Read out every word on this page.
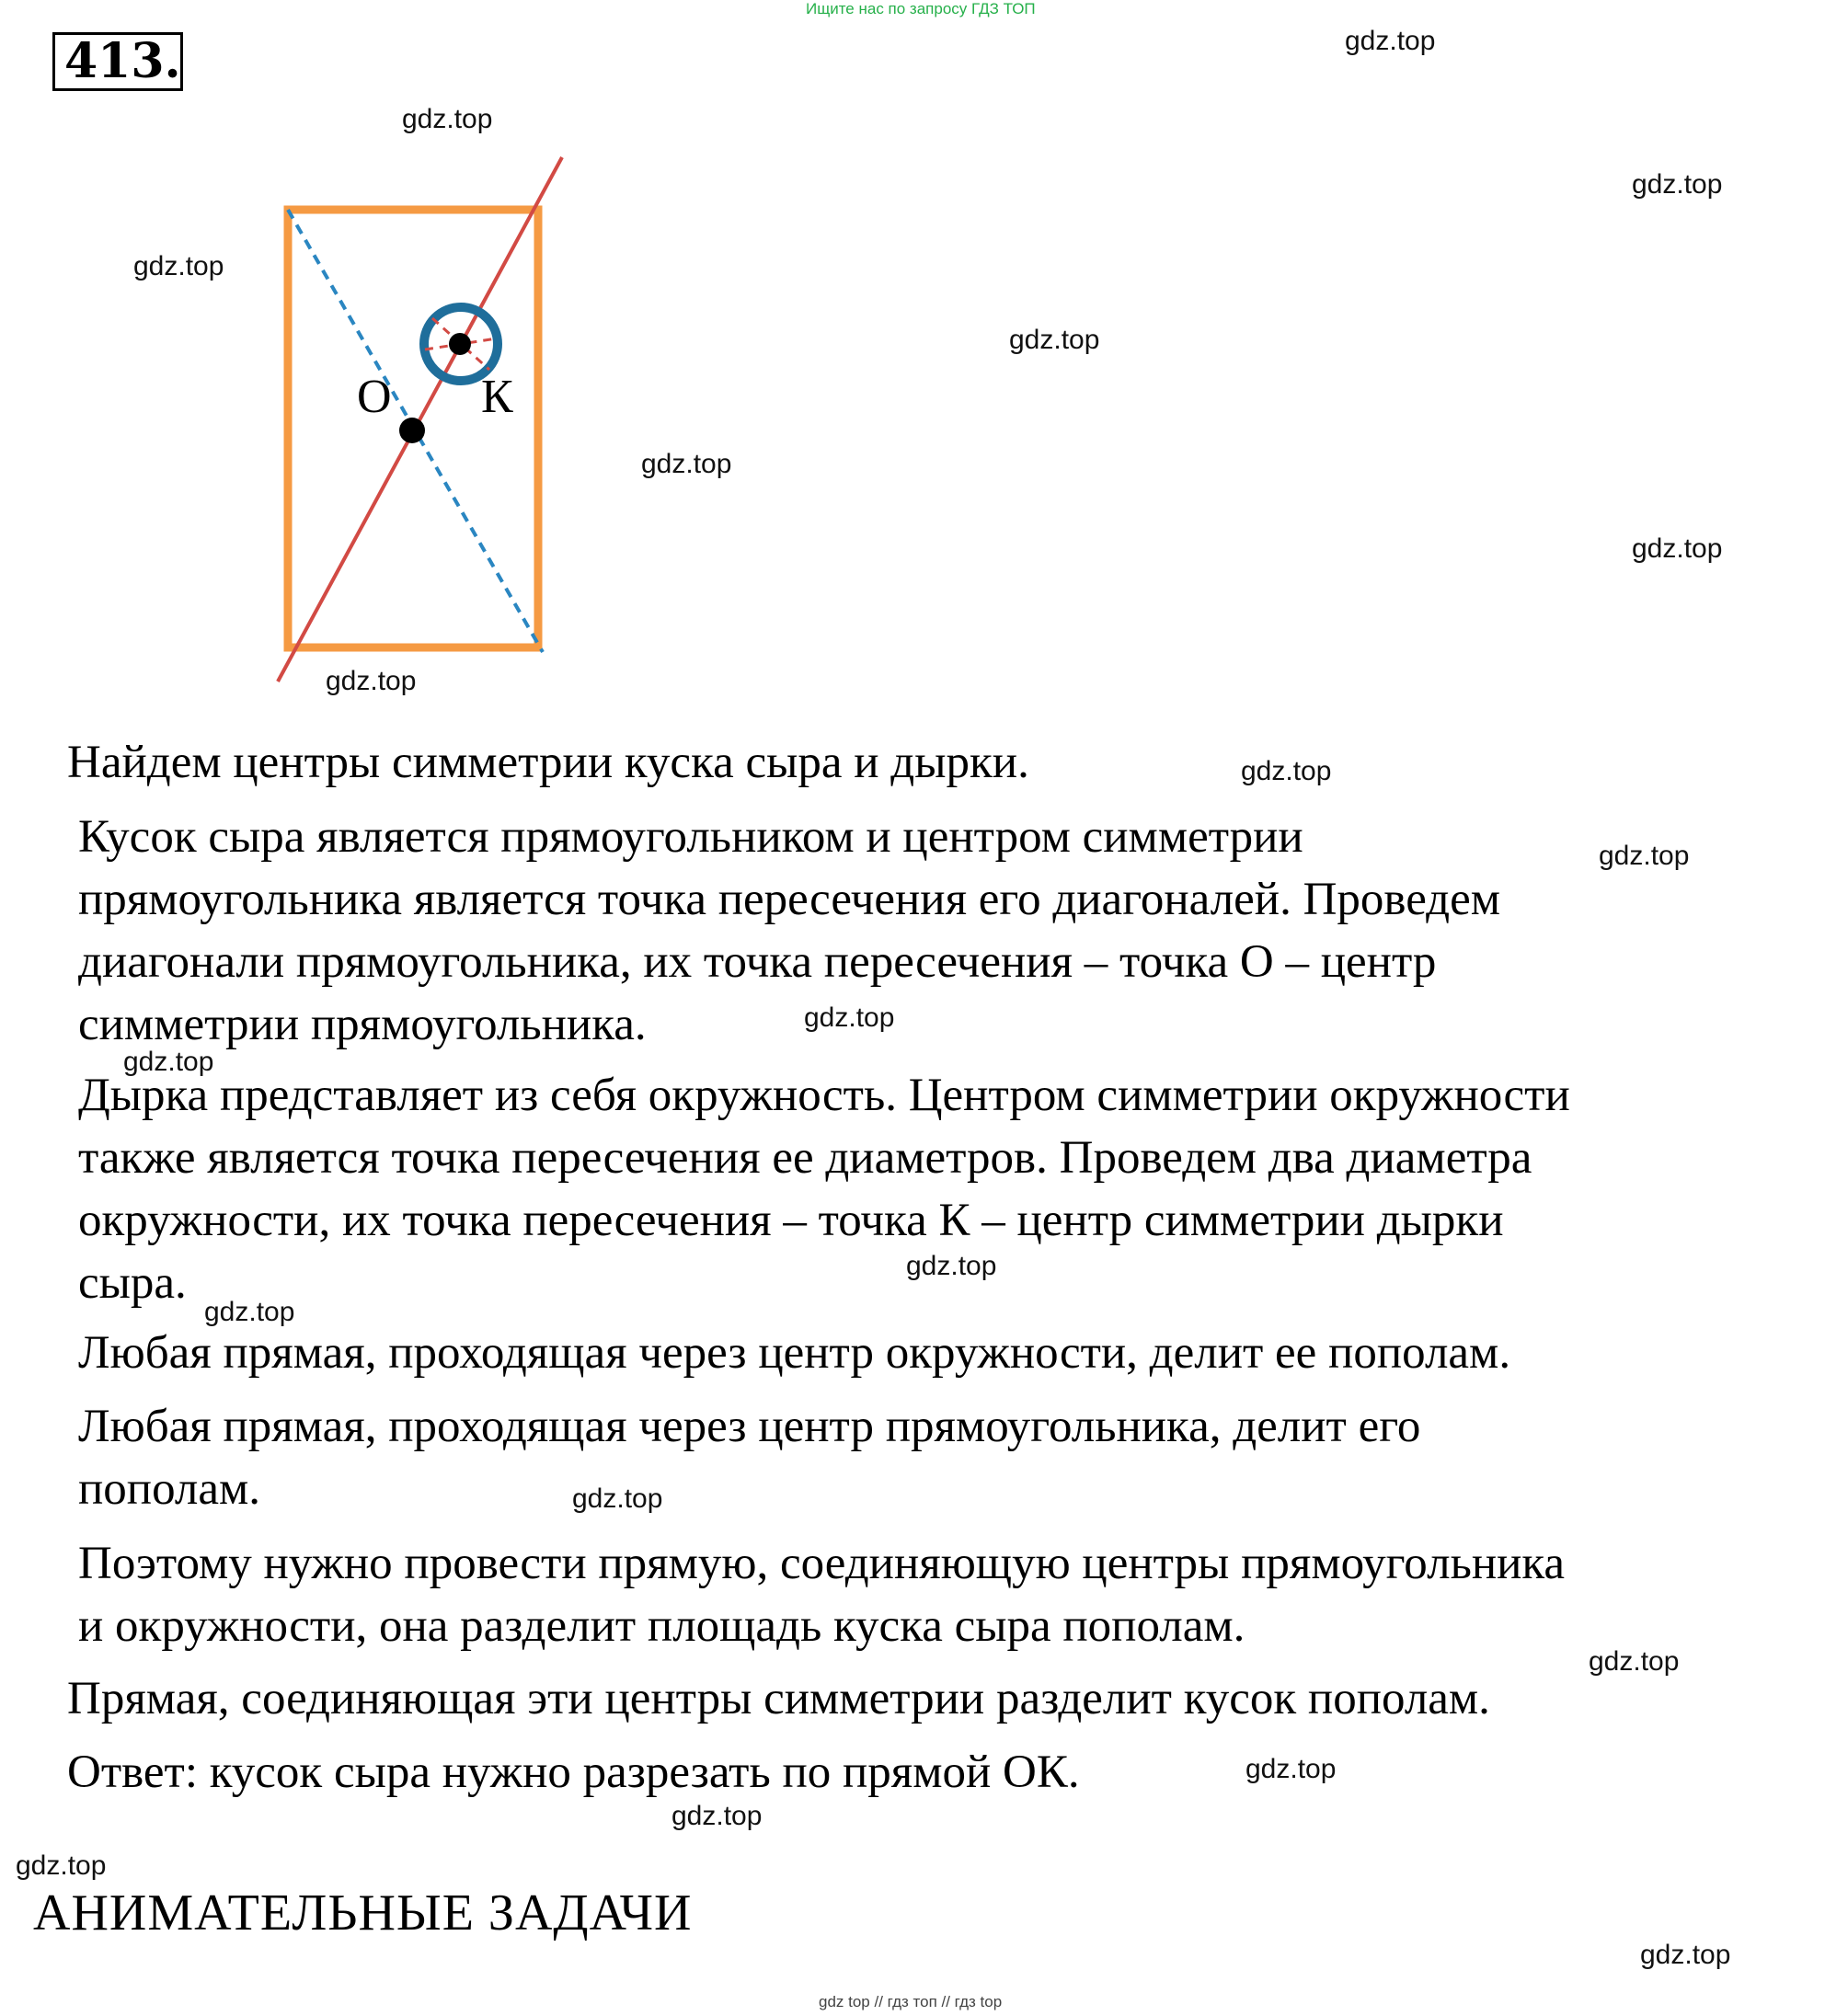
Ищите нас по запросу ГДЗ ТОП
413.
О К
Найдем центры симметрии куска сыра и дырки.
Кусок сыра является прямоугольником и центром симметрии
прямоугольника является точка пересечения его диагоналей. Проведем
диагонали прямоугольника, их точка пересечения – точка О – центр
симметрии прямоугольника.
Дырка представляет из себя окружность. Центром симметрии окружности
также является точка пересечения ее диаметров. Проведем два диаметра
окружности, их точка пересечения – точка К – центр симметрии дырки
сыра.
Любая прямая, проходящая через центр окружности, делит ее пополам.
Любая прямая, проходящая через центр прямоугольника, делит его
пополам.
Поэтому нужно провести прямую, соединяющую центры прямоугольника
и окружности, она разделит площадь куска сыра пополам.
Прямая, соединяющая эти центры симметрии разделит кусок пополам.
Ответ: кусок сыра нужно разрезать по прямой ОК.
АНИМАТЕЛЬНЫЕ ЗАДАЧИ
gdz.top
gdz.top
gdz.top
gdz.top
gdz.top
gdz.top
gdz.top
gdz.top
gdz.top
gdz.top
gdz.top
gdz.top
gdz.top
gdz.top
gdz.top
gdz.top
gdz.top
gdz.top
gdz.top
gdz.top
gdz top // гдз топ // гдз top
